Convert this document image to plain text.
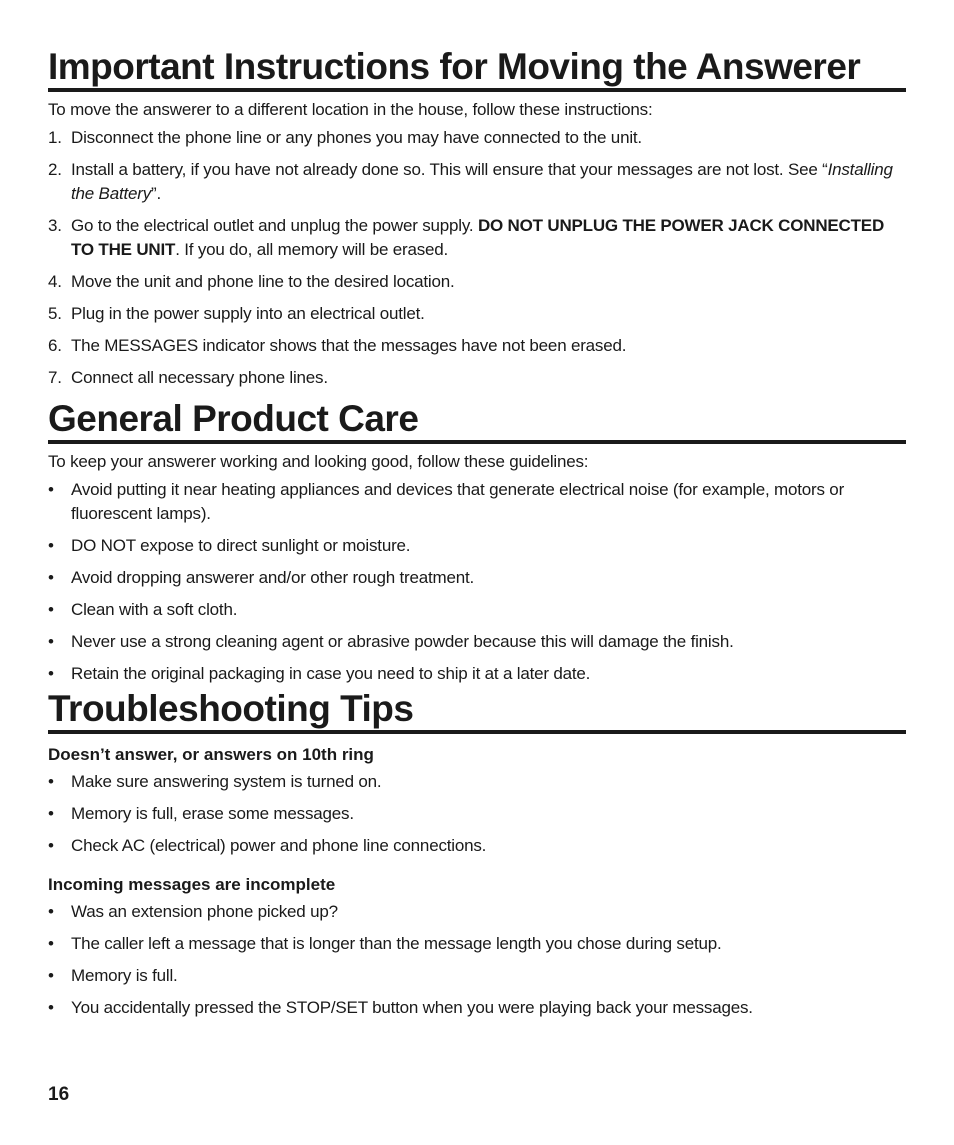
Important Instructions for Moving the Answerer

To move the answerer to a different location in the house, follow these instructions:

1. Disconnect the phone line or any phones you may have connected to the unit.
2. Install a battery, if you have not already done so. This will ensure that your messages are not lost. See “Installing the Battery”.
3. Go to the electrical outlet and unplug the power supply. DO NOT UNPLUG THE POWER JACK CONNECTED TO THE UNIT. If you do, all memory will be erased.
4. Move the unit and phone line to the desired location.
5. Plug in the power supply into an electrical outlet.
6. The MESSAGES indicator shows that the messages have not been erased.
7. Connect all necessary phone lines.
General Product Care

To keep your answerer working and looking good, follow these guidelines:

• Avoid putting it near heating appliances and devices that generate electrical noise (for example, motors or fluorescent lamps).
• DO NOT expose to direct sunlight or moisture.
• Avoid dropping answerer and/or other rough treatment.
• Clean with a soft cloth.
• Never use a strong cleaning agent or abrasive powder because this will damage the finish.
• Retain the original packaging in case you need to ship it at a later date.
Troubleshooting Tips
Doesn’t answer, or answers on 10th ring
• Make sure answering system is turned on.
• Memory is full, erase some messages.
• Check AC (electrical) power and phone line connections.
Incoming messages are incomplete
• Was an extension phone picked up?
• The caller left a message that is longer than the message length you chose during setup.
• Memory is full.
• You accidentally pressed the STOP/SET button when you were playing back your messages.
16
